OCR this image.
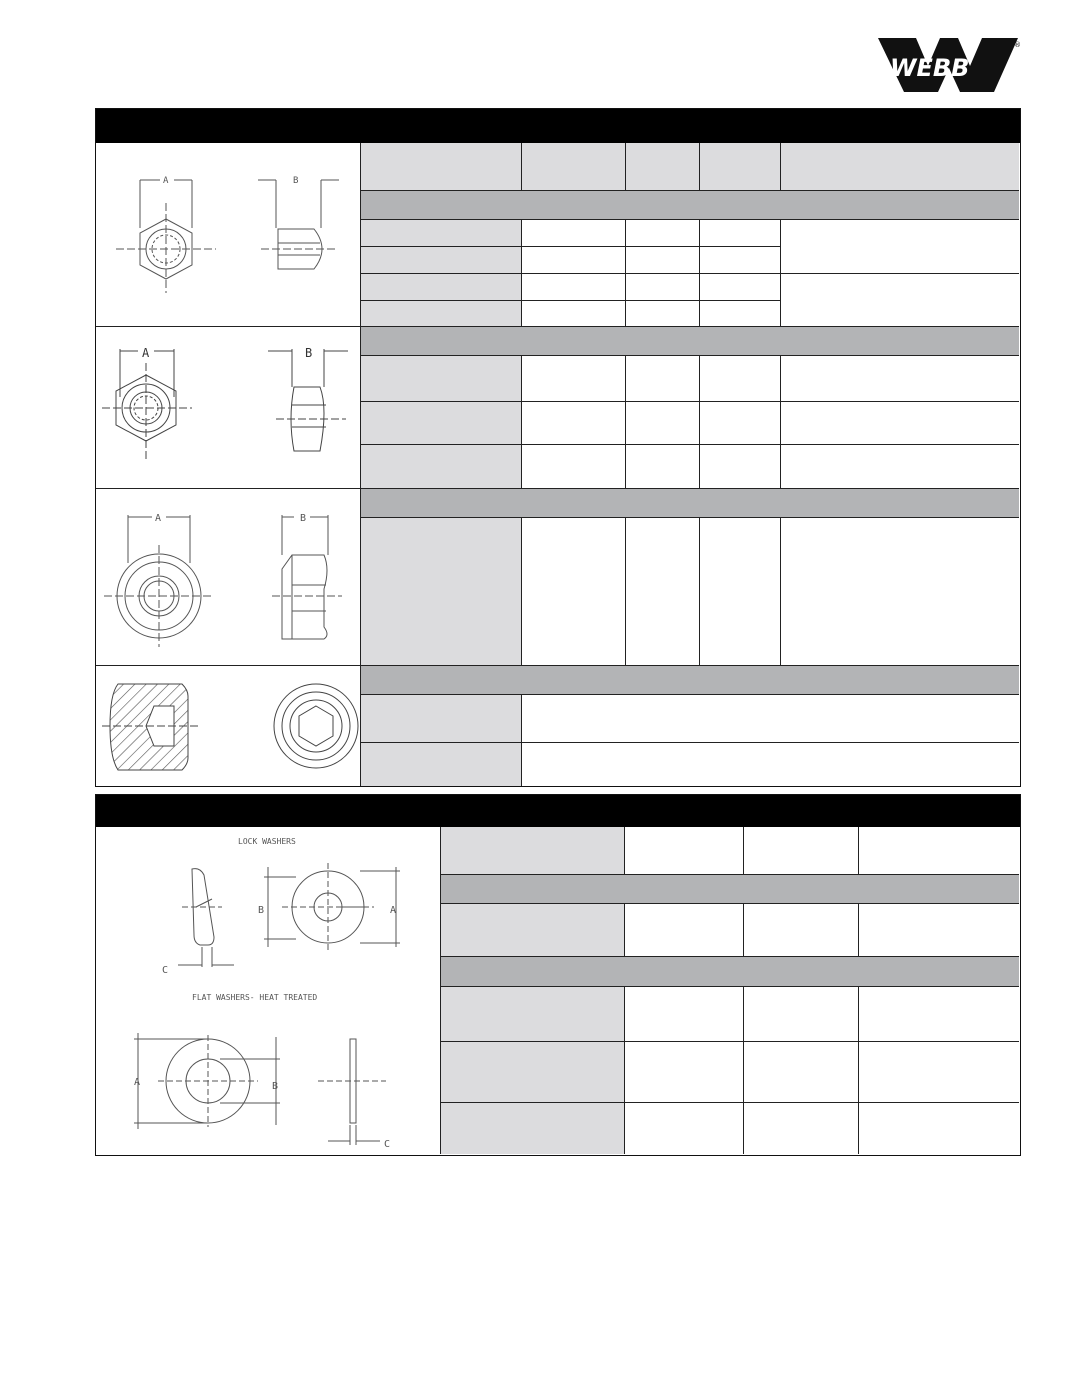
WEBB
®
A	B
A	B
A	B
LOCK WASHERS
FLAT WASHERS- HEAT TREATED
B	A
C
A	B
C
